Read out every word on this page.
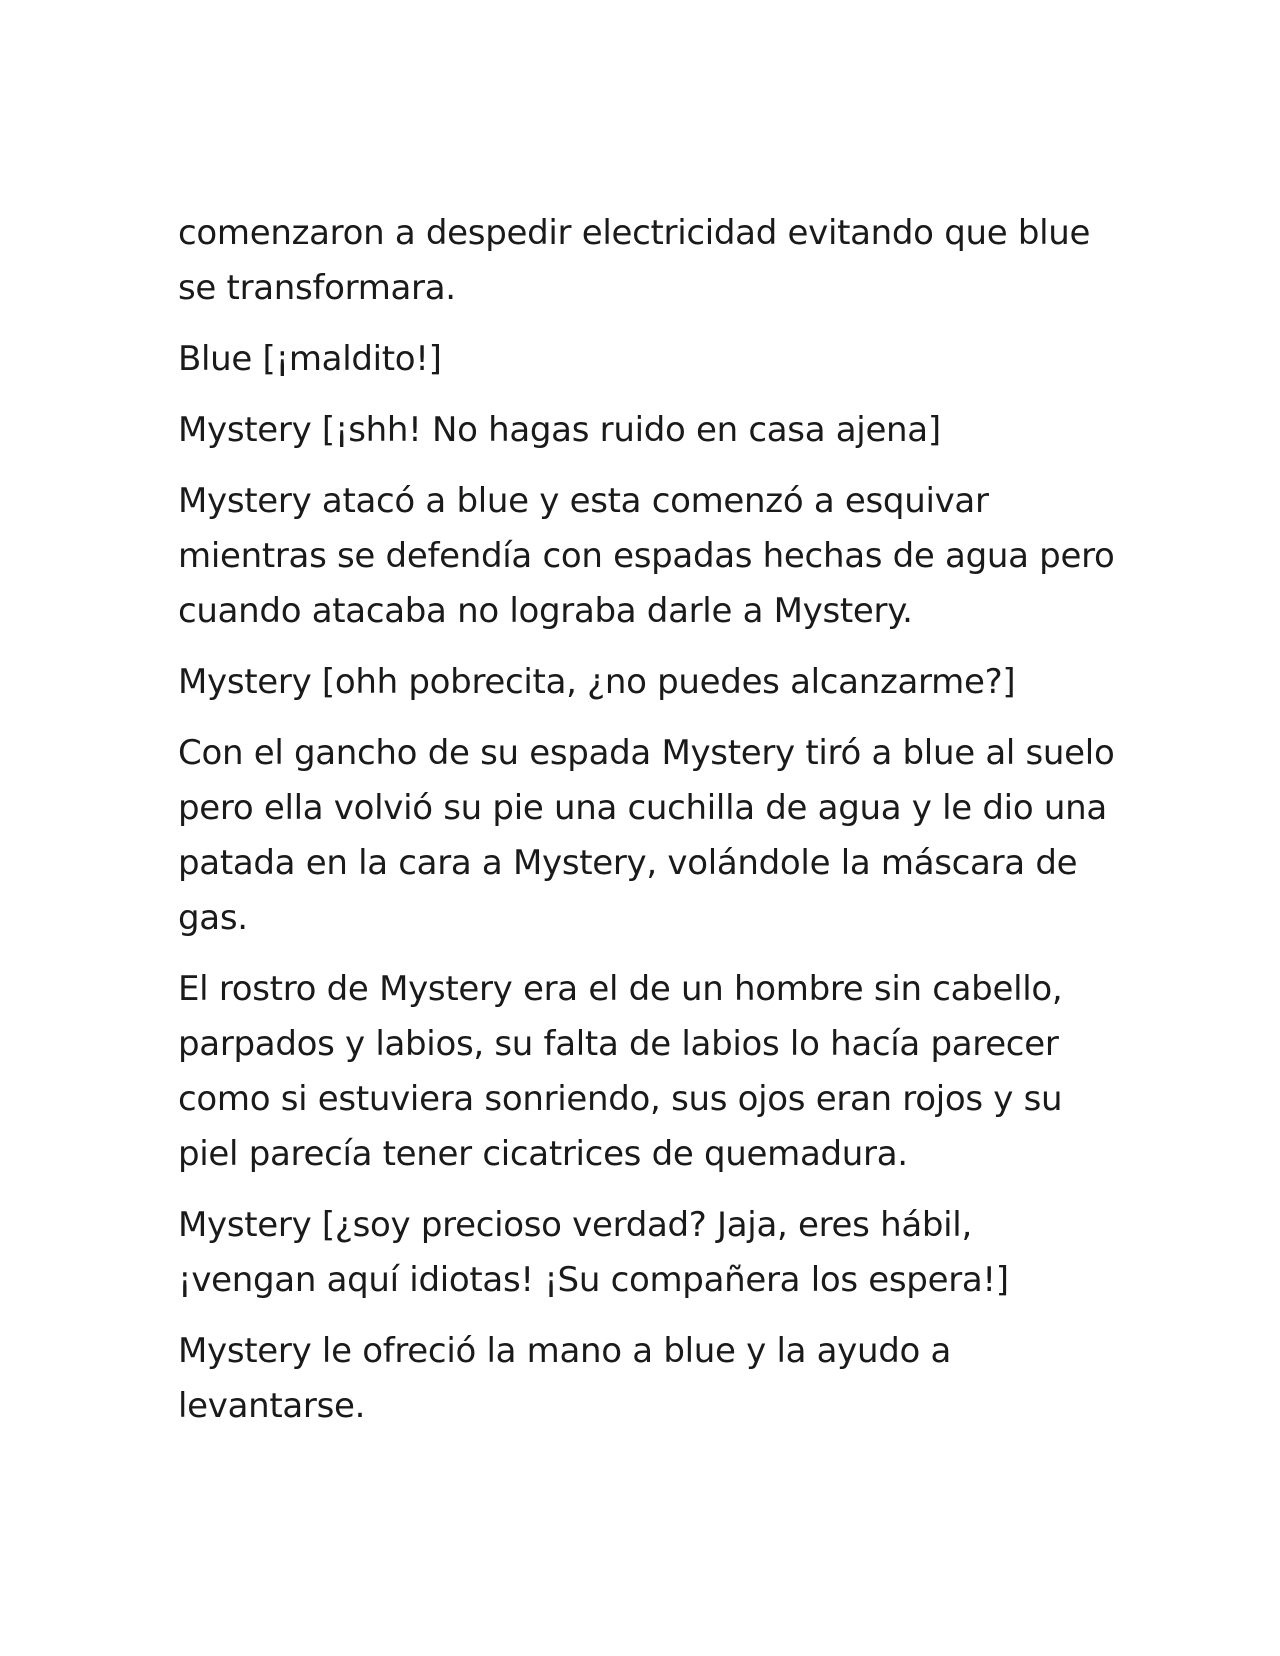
comenzaron a despedir electricidad evitando que blue se transformara.

Blue [¡maldito!]

Mystery [¡shh! No hagas ruido en casa ajena]

Mystery atacó a blue y esta comenzó a esquivar mientras se defendía con espadas hechas de agua pero cuando atacaba no lograba darle a Mystery.

Mystery [ohh pobrecita, ¿no puedes alcanzarme?]

Con el gancho de su espada Mystery tiró a blue al suelo pero ella volvió su pie una cuchilla de agua y le dio una patada en la cara a Mystery, volándole la máscara de gas.

El rostro de Mystery era el de un hombre sin cabello, parpados y labios, su falta de labios lo hacía parecer como si estuviera sonriendo, sus ojos eran rojos y su piel parecía tener cicatrices de quemadura.

Mystery [¿soy precioso verdad? Jaja, eres hábil, ¡vengan aquí idiotas! ¡Su compañera los espera!]

Mystery le ofreció la mano a blue y la ayudo a levantarse.
